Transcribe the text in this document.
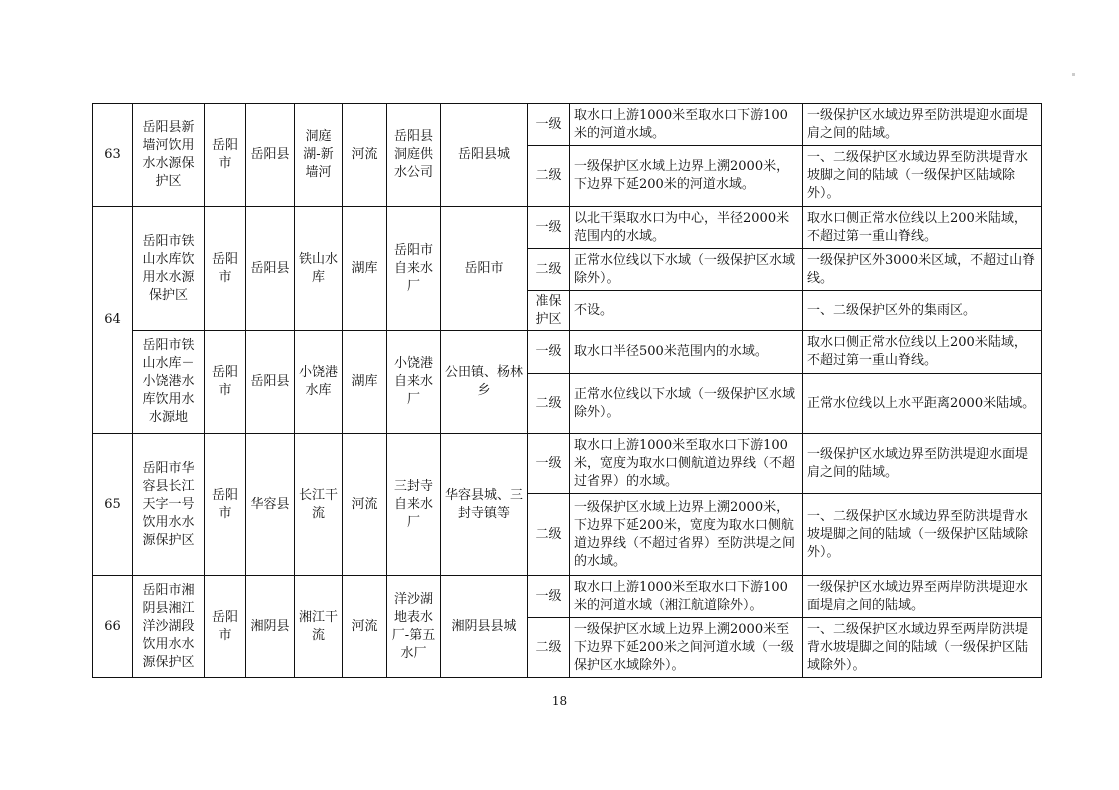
63	岳阳县新墙河饮用水水源保护区	岳阳市	岳阳县	洞庭湖-新墙河	河流	岳阳县洞庭供水公司	岳阳县城	一级	取水口上游1000米至取水口下游100米的河道水域。	一级保护区水域边界至防洪堤迎水面堤肩之间的陆域。
								二级	一级保护区水域上边界上溯2000米，下边界下延200米的河道水域。	一、二级保护区水域边界至防洪堤背水坡脚之间的陆域（一级保护区陆域除外）。
64	岳阳市铁山水库饮用水水源保护区	岳阳市	岳阳县	铁山水库	湖库	岳阳市自来水厂	岳阳市	一级	以北干渠取水口为中心，半径2000米范围内的水域。	取水口侧正常水位线以上200米陆域，不超过第一重山脊线。
								二级	正常水位线以下水域（一级保护区水域除外）。	一级保护区外3000米区域，不超过山脊线。
								准保护区	不设。	一、二级保护区外的集雨区。
	岳阳市铁山水库－小饶港水库饮用水水源地	岳阳市	岳阳县	小饶港水库	湖库	小饶港自来水厂	公田镇、杨林乡	一级	取水口半径500米范围内的水域。	取水口侧正常水位线以上200米陆域，不超过第一重山脊线。
								二级	正常水位线以下水域（一级保护区水域除外）。	正常水位线以上水平距离2000米陆域。
65	岳阳市华容县长江天字一号饮用水水源保护区	岳阳市	华容县	长江干流	河流	三封寺自来水厂	华容县城、三封寺镇等	一级	取水口上游1000米至取水口下游100米，宽度为取水口侧航道边界线（不超过省界）的水域。	一级保护区水域边界至防洪堤迎水面堤肩之间的陆域。
								二级	一级保护区水域上边界上溯2000米，下边界下延200米，宽度为取水口侧航道边界线（不超过省界）至防洪堤之间的水域。	一、二级保护区水域边界至防洪堤背水坡堤脚之间的陆域（一级保护区陆域除外）。
66	岳阳市湘阴县湘江洋沙湖段饮用水水源保护区	岳阳市	湘阴县	湘江干流	河流	洋沙湖地表水厂-第五水厂	湘阴县县城	一级	取水口上游1000米至取水口下游100米的河道水域（湘江航道除外）。	一级保护区水域边界至两岸防洪堤迎水面堤肩之间的陆域。
								二级	一级保护区水域上边界上溯2000米至下边界下延200米之间河道水域（一级保护区水域除外）。	一、二级保护区水域边界至两岸防洪堤背水坡堤脚之间的陆域（一级保护区陆域除外）。
18
